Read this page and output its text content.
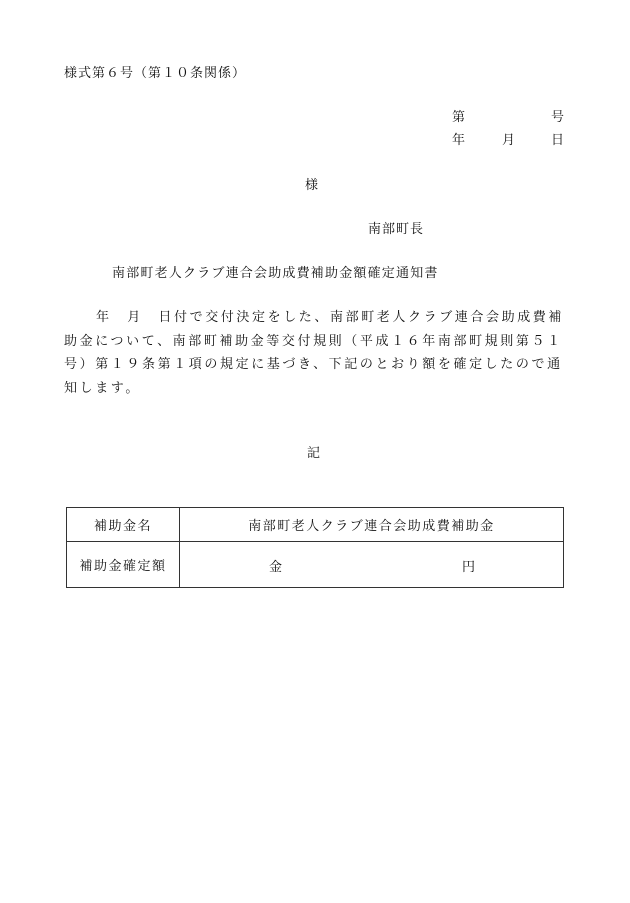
様式第６号（第１０条関係）
第	号
年	月	日
様
南部町長
南部町老人クラブ連合会助成費補助金額確定通知書

年　月　日付で交付決定をした、南部町老人クラブ連合会助成費補助金について、南部町補助金等交付規則（平成１６年南部町規則第５１号）第１９条第１項の規定に基づき、下記のとおり額を確定したので通知します。

記
補助金名	南部町老人クラブ連合会助成費補助金
補助金確定額	金 円
